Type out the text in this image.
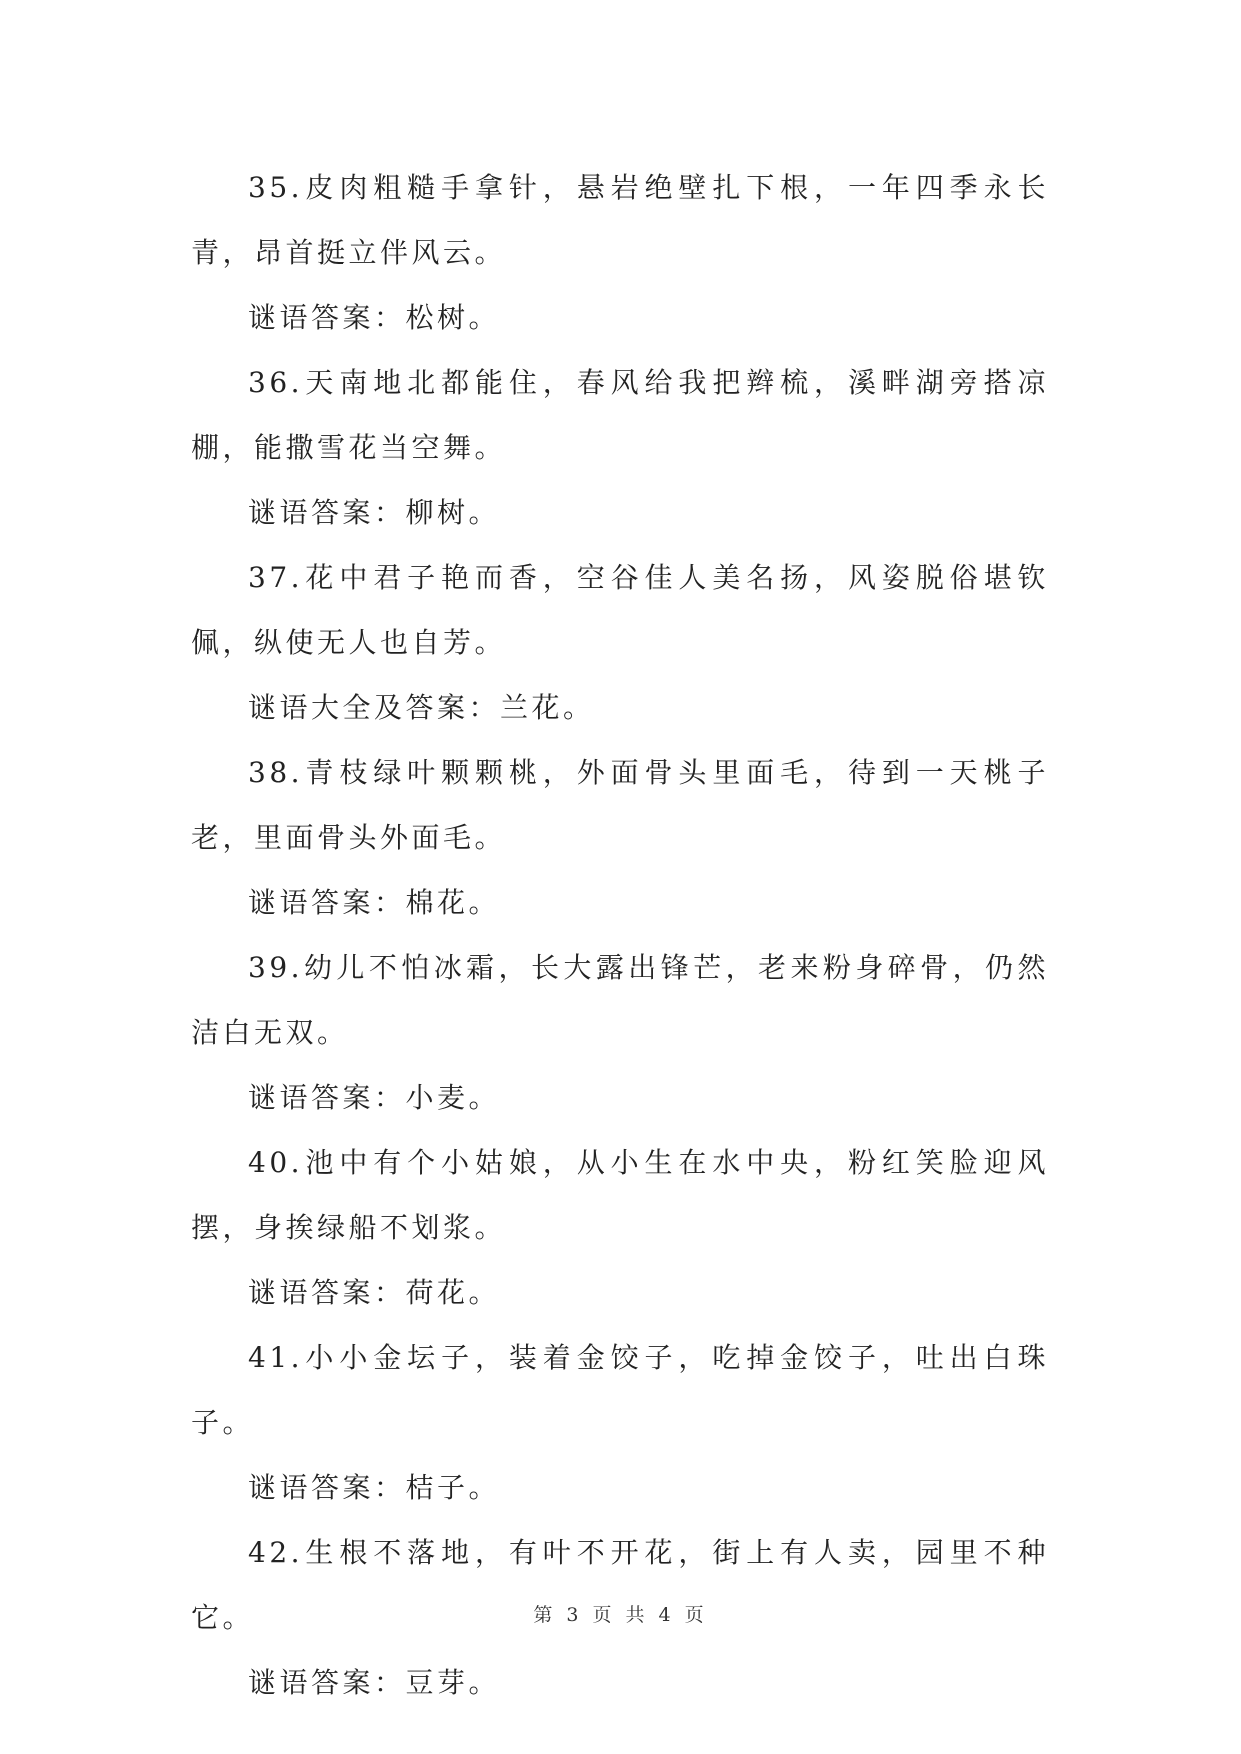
35.皮肉粗糙手拿针，悬岩绝壁扎下根，一年四季永长青，昂首挺立伴风云。

谜语答案：松树。

36.天南地北都能住，春风给我把辫梳，溪畔湖旁搭凉棚，能撒雪花当空舞。

谜语答案：柳树。

37.花中君子艳而香，空谷佳人美名扬，风姿脱俗堪钦佩，纵使无人也自芳。

谜语大全及答案：兰花。

38.青枝绿叶颗颗桃，外面骨头里面毛，待到一天桃子老，里面骨头外面毛。

谜语答案：棉花。

39.幼儿不怕冰霜，长大露出锋芒，老来粉身碎骨，仍然洁白无双。

谜语答案：小麦。

40.池中有个小姑娘，从小生在水中央，粉红笑脸迎风摆，身挨绿船不划浆。

谜语答案：荷花。

41.小小金坛子，装着金饺子，吃掉金饺子，吐出白珠子。

谜语答案：桔子。

42.生根不落地，有叶不开花，街上有人卖，园里不种它。

谜语答案：豆芽。

第 3 页 共 4 页
